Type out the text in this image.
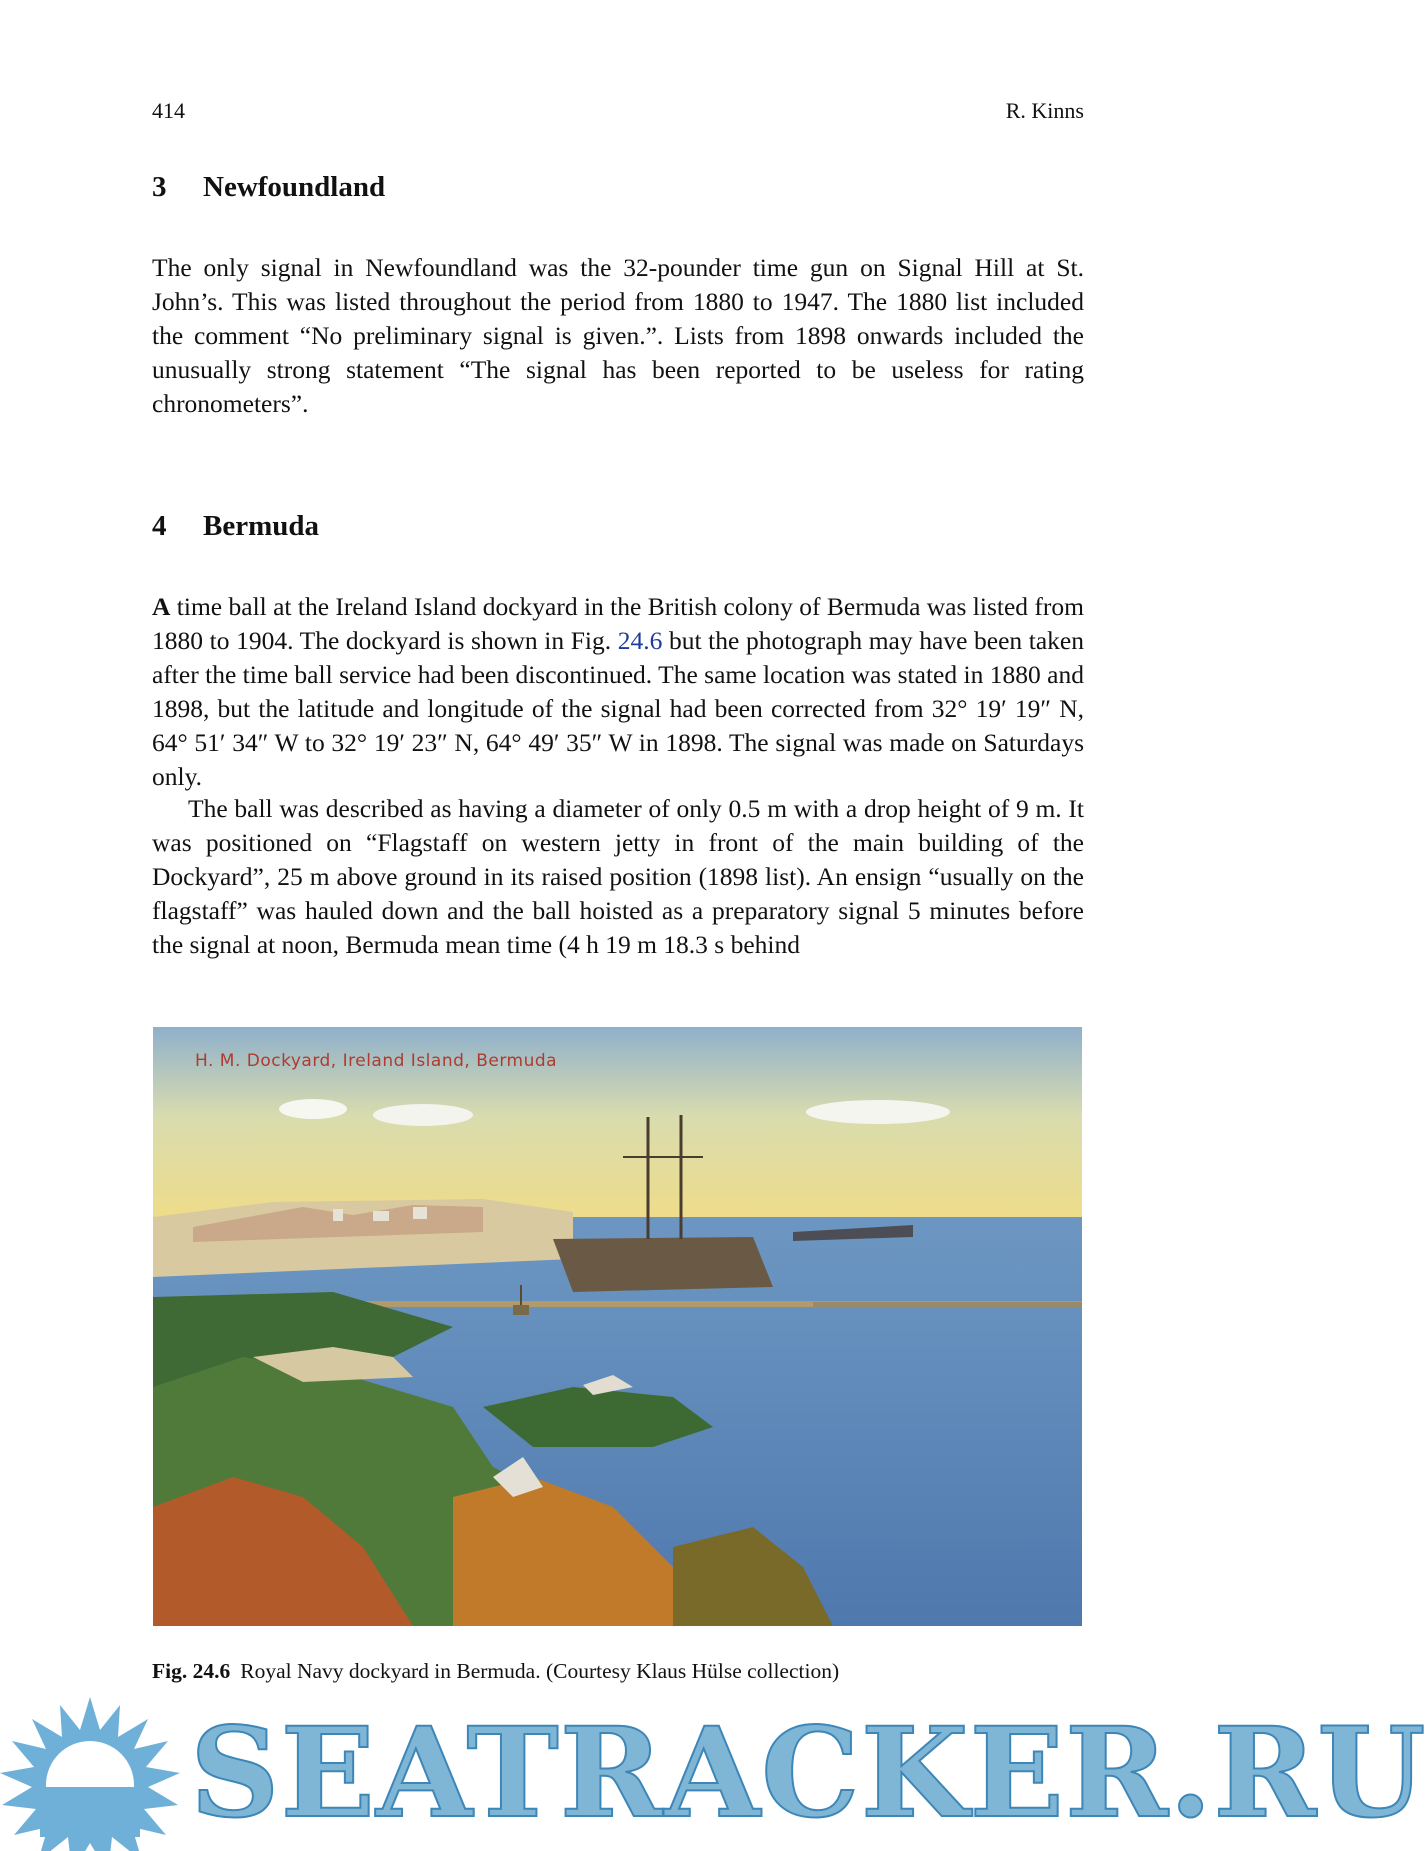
414	R. Kinns
3 Newfoundland

The only signal in Newfoundland was the 32-pounder time gun on Signal Hill at St. John’s. This was listed throughout the period from 1880 to 1947. The 1880 list included the comment “No preliminary signal is given.”. Lists from 1898 onwards included the unusually strong statement “The signal has been reported to be useless for rating chronometers”.

4 Bermuda

A time ball at the Ireland Island dockyard in the British colony of Bermuda was listed from 1880 to 1904. The dockyard is shown in Fig. 24.6 but the photograph may have been taken after the time ball service had been discontinued. The same location was stated in 1880 and 1898, but the latitude and longitude of the signal had been corrected from 32° 19′ 19″ N, 64° 51′ 34″ W to 32° 19′ 23″ N, 64° 49′ 35″ W in 1898. The signal was made on Saturdays only.

The ball was described as having a diameter of only 0.5 m with a drop height of 9 m. It was positioned on “Flagstaff on western jetty in front of the main building of the Dockyard”, 25 m above ground in its raised position (1898 list). An ensign “usually on the flagstaff” was hauled down and the ball hoisted as a preparatory signal 5 minutes before the signal at noon, Bermuda mean time (4 h 19 m 18.3 s behind

H. M. Dockyard, Ireland Island, Bermuda
Fig. 24.6 Royal Navy dockyard in Bermuda. (Courtesy Klaus Hülse collection)
SEATRACKER.RU
